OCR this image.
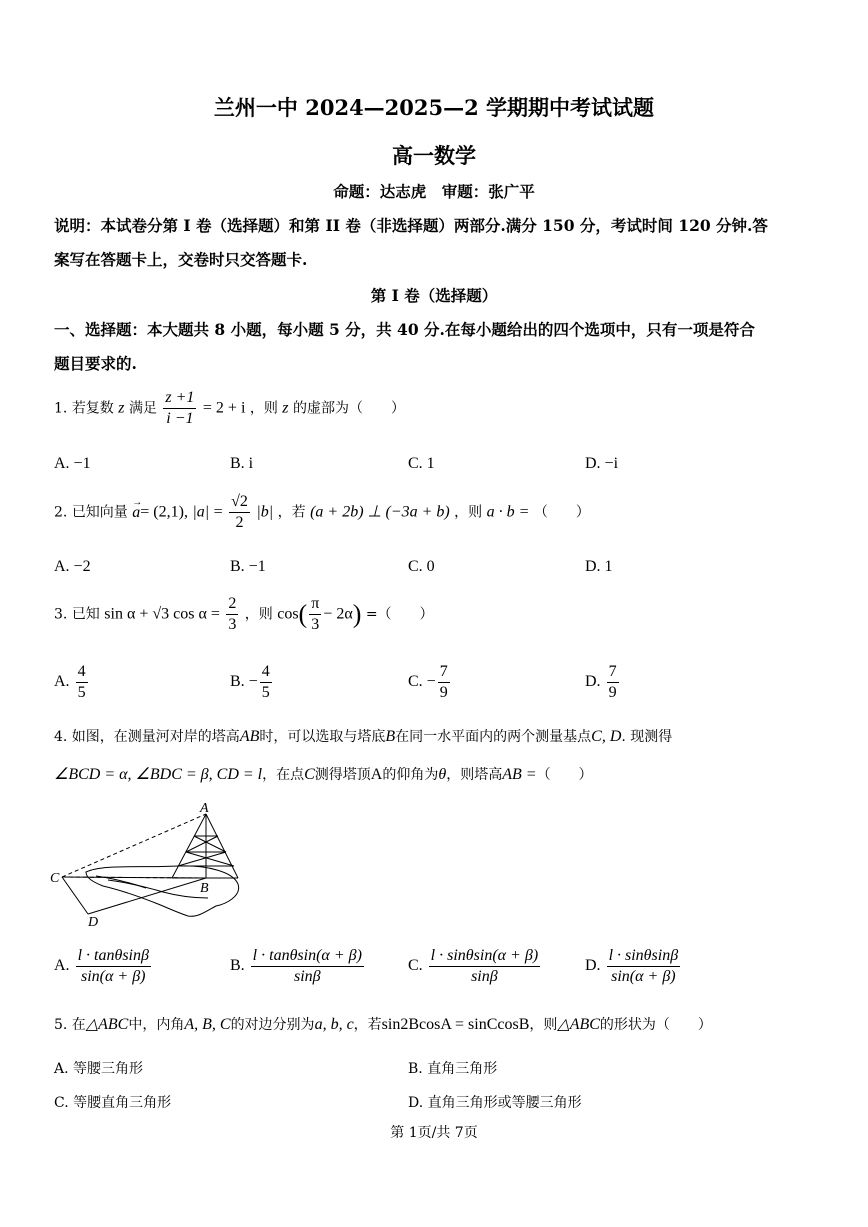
兰州一中 2024—2025—2 学期期中考试试题
高一数学
命题：达志虎　审题：张广平
说明：本试卷分第 I 卷（选择题）和第 II 卷（非选择题）两部分.满分 150 分，考试时间 120 分钟.答
案写在答题卡上，交卷时只交答题卡.
第 I 卷（选择题）
一、选择题：本大题共 8 小题，每小题 5 分，共 40 分.在每小题给出的四个选项中，只有一项是符合
题目要求的.
1. 若复数 z 满足 $\frac{z +1}{i -1} = 2 + i$ ，则 z 的虚部为（　　）
A. −1	B. i	C. 1	D. −i
2. 已知向量 → a= (2,1), $|a| = \frac{√2}{2} |b|$ ，若 (a + 2b) ⊥ (−3a + b) ，则 a · b = （　　）
A. −2	B. −1	C. 0	D. 1
3. 已知 sin α + √3 $\cos \alpha = \frac{2}{3}$ ，则 $\cos( \frac{\pi}{3} - 2\alpha)$ =（　　）
A. $\frac{4}{5}$	B. − $\frac{4}{5}$	C. − $\frac{7}{9}$	D. $\frac{7}{9}$
4. 如图，在测量河对岸的塔高AB时，可以选取与塔底B在同一水平面内的两个测量基点C, D. 现测得
∠BCD = α, ∠BDC = β, CD = l，在点C测得塔顶A的仰角为θ，则塔高AB =（　　）
A
B
C
D
A. $\frac{l \cdot \tan\theta\sin\beta}{\sin(\alpha + \beta)}$	B. $\frac{l \cdot \tan\theta\sin(\alpha + \beta)}{\sin\beta}$	C. $\frac{l \cdot \sin\theta\sin(\alpha + \beta)}{\sin\beta}$	D. $\frac{l \cdot \sin\theta\sin\beta}{\sin(\alpha + \beta)}$
5. 在△ABC中，内角A, B, C的对边分别为a, b, c，若sin2BcosA = sinCcosB，则△ABC的形状为（　　）
A. 等腰三角形	B. 直角三角形
C. 等腰直角三角形	D. 直角三角形或等腰三角形
第 1页/共 7页
